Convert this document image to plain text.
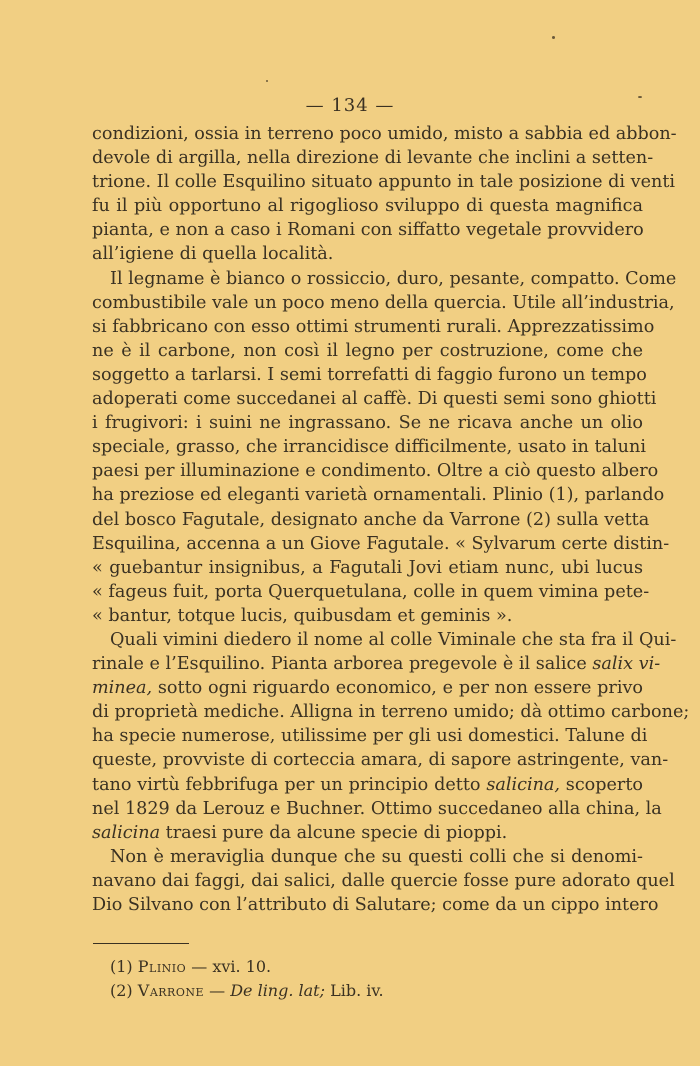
— 134 —
condizioni, ossia in terreno poco umido, misto a sabbia ed abbon-
devole di argilla, nella direzione di levante che inclini a setten-
trione. Il colle Esquilino situato appunto in tale posizione di venti
fu il più opportuno al rigoglioso sviluppo di questa magnifica
pianta, e non a caso i Romani con siffatto vegetale provvidero
all’igiene di quella località.
Il legname è bianco o rossiccio, duro, pesante, compatto. Come
combustibile vale un poco meno della quercia. Utile all’industria,
si fabbricano con esso ottimi strumenti rurali. Apprezzatissimo
ne è il carbone, non così il legno per costruzione, come che
soggetto a tarlarsi. I semi torrefatti di faggio furono un tempo
adoperati come succedanei al caffè. Di questi semi sono ghiotti
i frugivori: i suini ne ingrassano. Se ne ricava anche un olio
speciale, grasso, che irrancidisce difficilmente, usato in taluni
paesi per illuminazione e condimento. Oltre a ciò questo albero
ha preziose ed eleganti varietà ornamentali. Plinio (1), parlando
del bosco Fagutale, designato anche da Varrone (2) sulla vetta
Esquilina, accenna a un Giove Fagutale. « Sylvarum certe distin-
« guebantur insignibus, a Fagutali Jovi etiam nunc, ubi lucus
« fageus fuit, porta Querquetulana, colle in quem vimina pete-
« bantur, totque lucis, quibusdam et geminis ».
Quali vimini diedero il nome al colle Viminale che sta fra il Qui-
rinale e l’Esquilino. Pianta arborea pregevole è il salice salix vi-
minea, sotto ogni riguardo economico, e per non essere privo
di proprietà mediche. Alligna in terreno umido; dà ottimo carbone;
ha specie numerose, utilissime per gli usi domestici. Talune di
queste, provviste di corteccia amara, di sapore astringente, van-
tano virtù febbrifuga per un principio detto salicina, scoperto
nel 1829 da Lerouz e Buchner. Ottimo succedaneo alla china, la
salicina traesi pure da alcune specie di pioppi.
Non è meraviglia dunque che su questi colli che si denomi-
navano dai faggi, dai salici, dalle quercie fosse pure adorato quel
Dio Silvano con l’attributo di Salutare; come da un cippo intero
(1) Plinio — xvi. 10.
(2) Varrone — De ling. lat; Lib. iv.
